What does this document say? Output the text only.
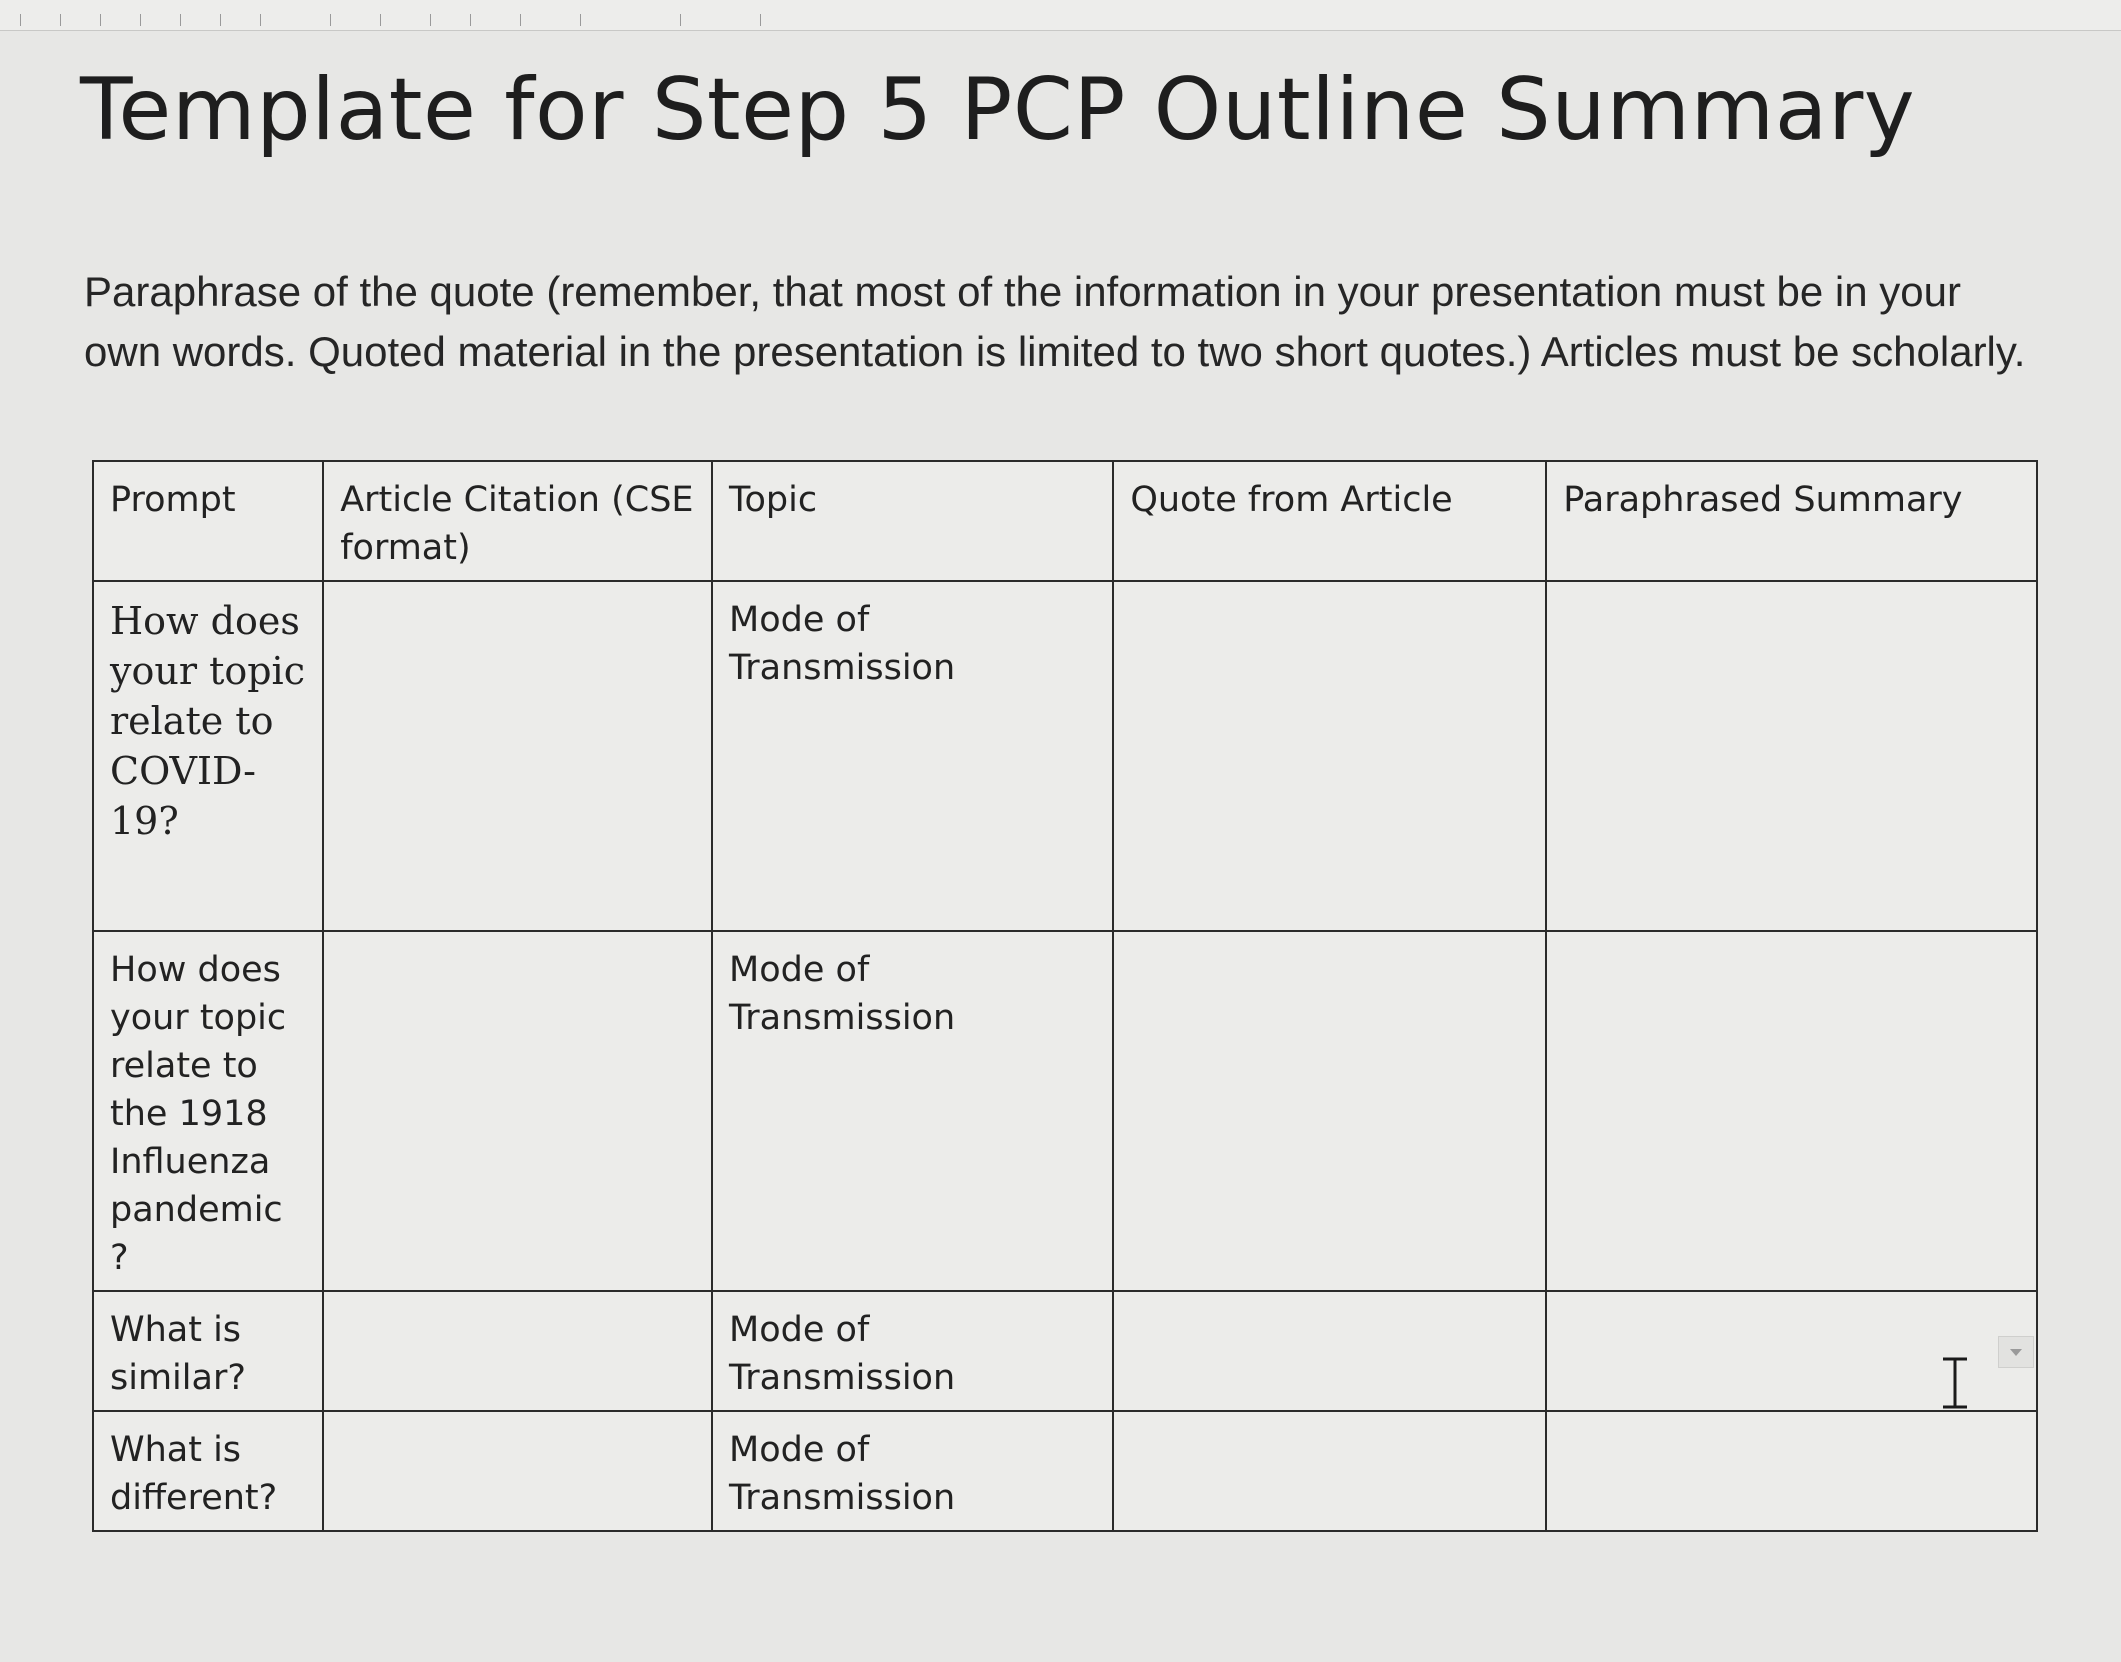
Template for Step 5 PCP Outline Summary
Paraphrase of the quote (remember, that most of the information in your presentation must be in your own words. Quoted material in the presentation is limited to two short quotes.) Articles must be scholarly.
Prompt	Article Citation (CSE format)	Topic	Quote from Article	Paraphrased Summary
How does your topic relate to COVID-19?		Mode of Transmission		
How does your topic relate to the 1918 Influenza pandemic ?		Mode of Transmission		
What is similar?		Mode of Transmission		
What is different?		Mode of Transmission		
